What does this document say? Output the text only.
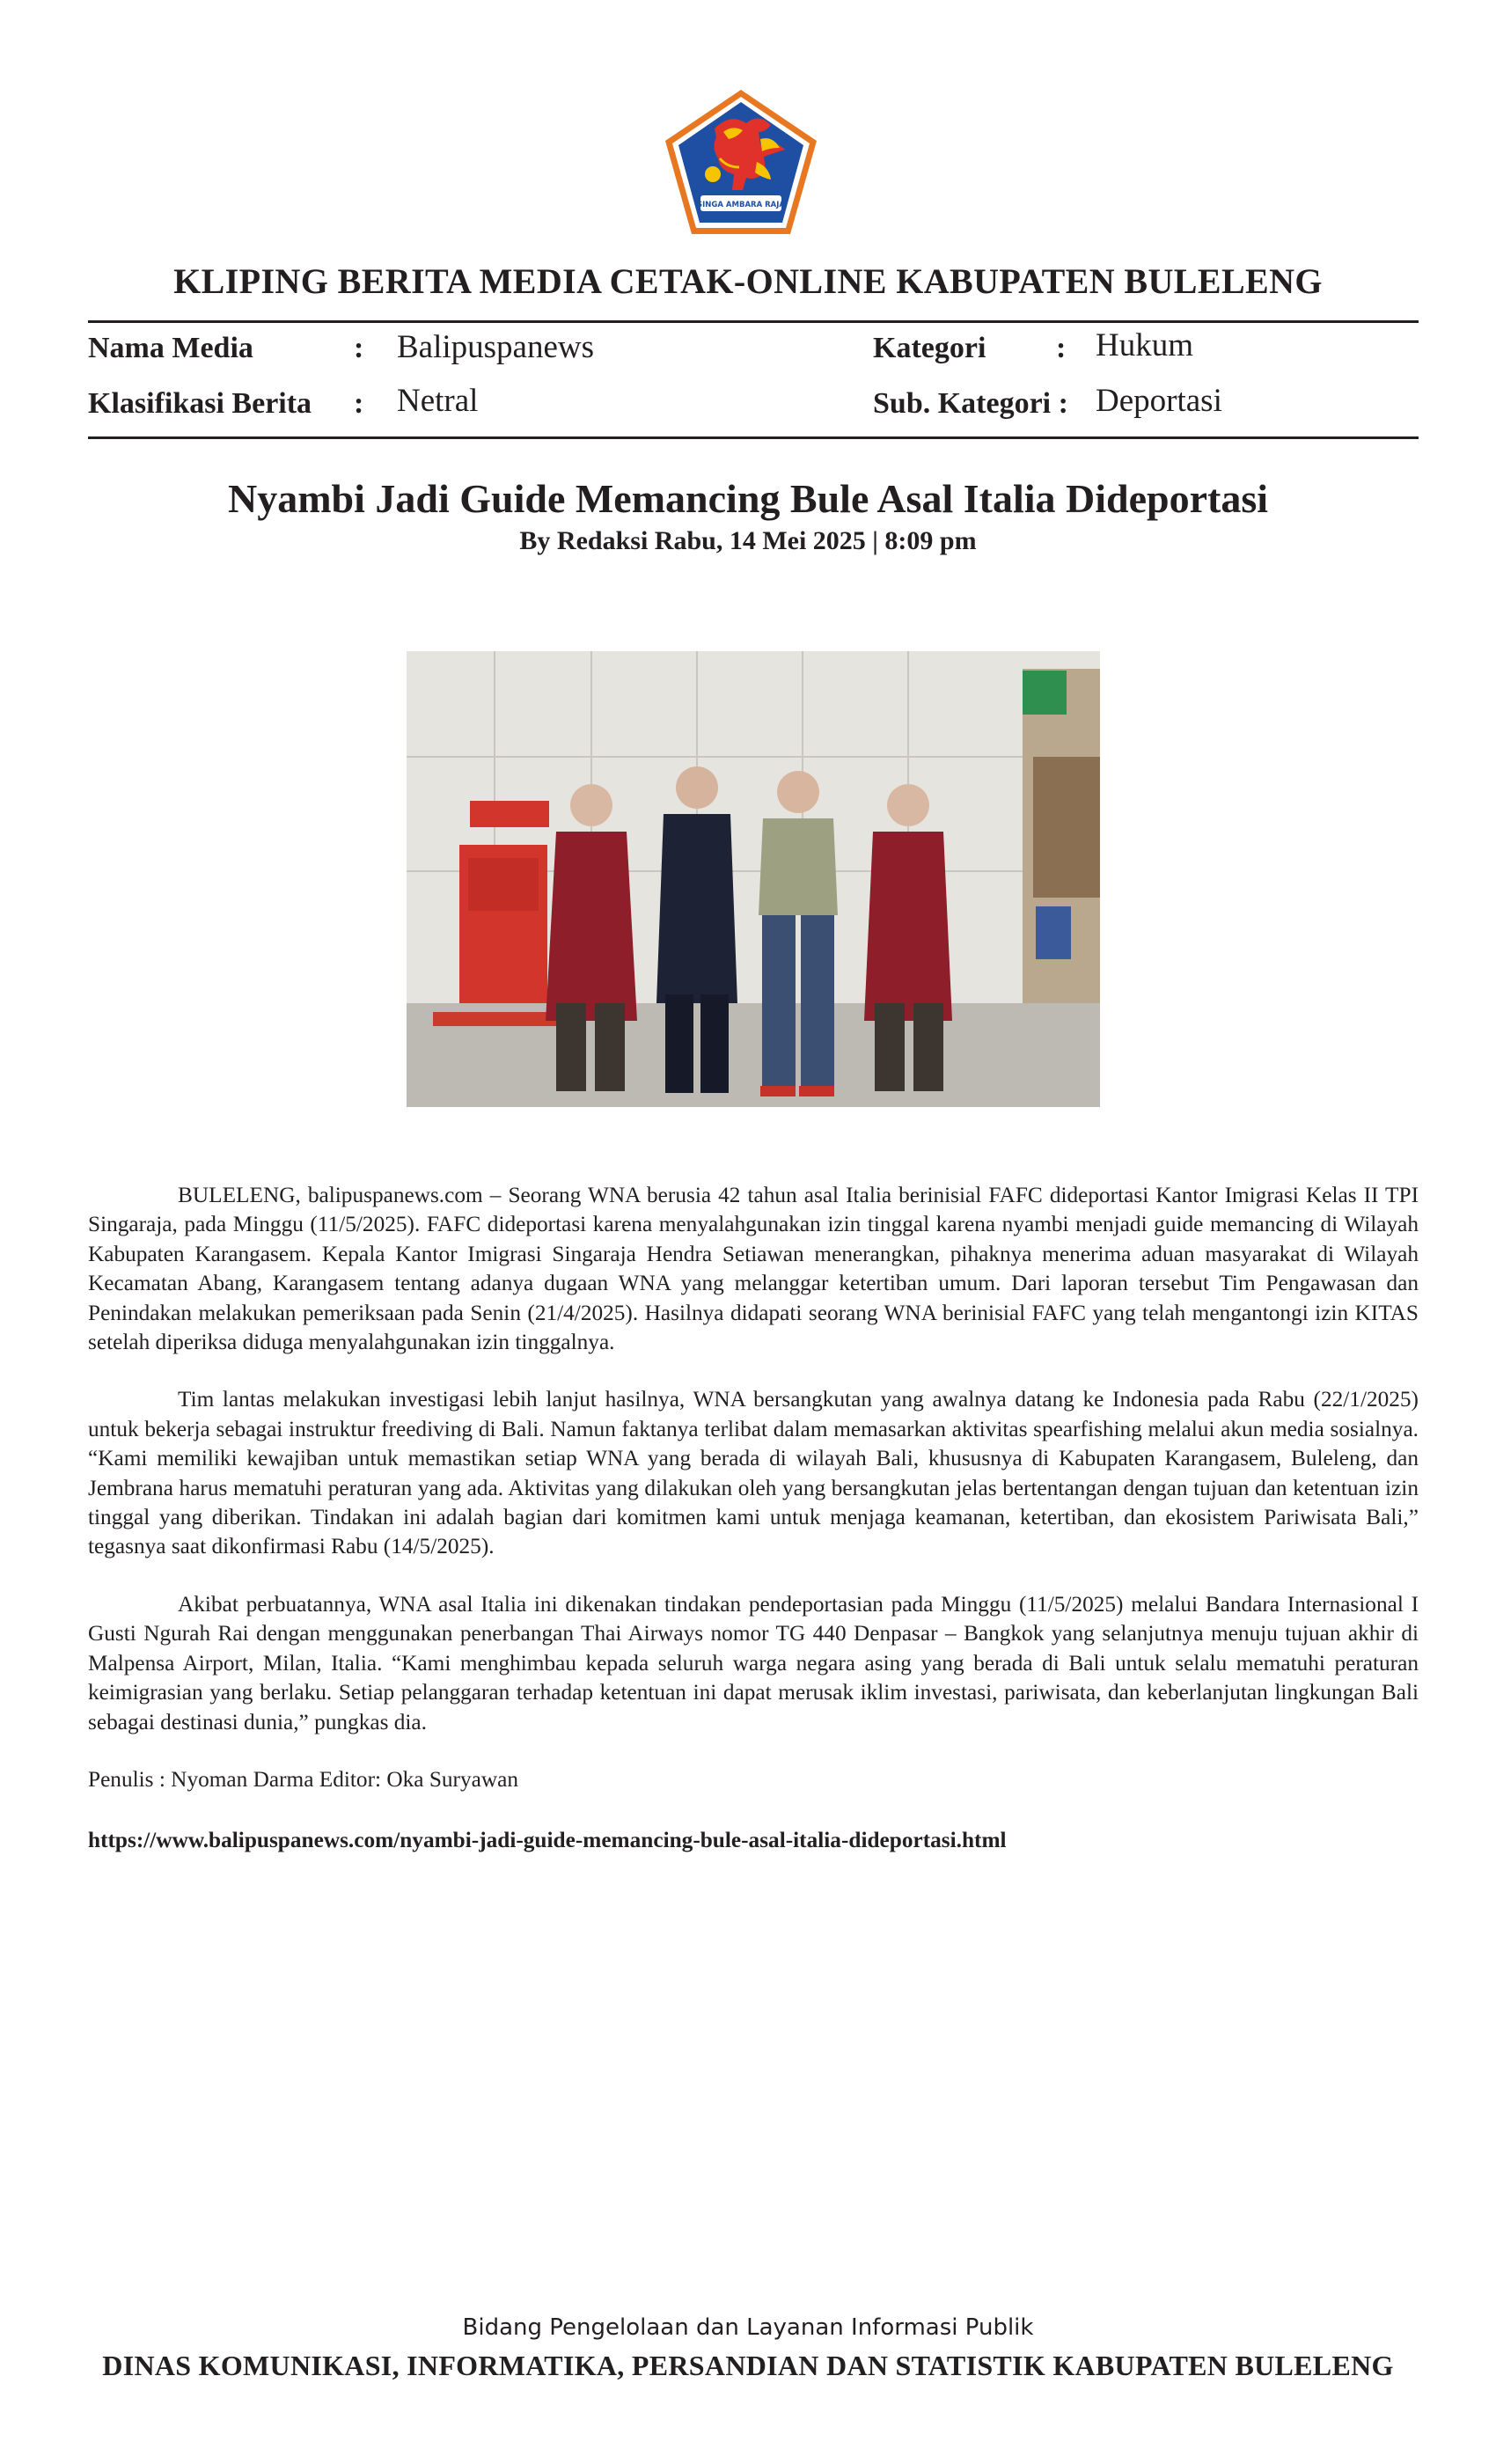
SINGA AMBARA RAJA
KLIPING BERITA MEDIA CETAK-ONLINE KABUPATEN BULELENG
Nama Media	: Balipuspanews	Kategori : Hukum
Klasifikasi Berita : Netral	Sub. Kategori : Deportasi
Nyambi Jadi Guide Memancing Bule Asal Italia Dideportasi
By Redaksi Rabu, 14 Mei 2025 | 8:09 pm

BULELENG, balipuspanews.com – Seorang WNA berusia 42 tahun asal Italia berinisial FAFC dideportasi Kantor Imigrasi Kelas II TPI Singaraja, pada Minggu (11/5/2025). FAFC dideportasi karena menyalahgunakan izin tinggal karena nyambi menjadi guide memancing di Wilayah Kabupaten Karangasem. Kepala Kantor Imigrasi Singaraja Hendra Setiawan menerangkan, pihaknya menerima aduan masyarakat di Wilayah Kecamatan Abang, Karangasem tentang adanya dugaan WNA yang melanggar ketertiban umum. Dari laporan tersebut Tim Pengawasan dan Penindakan melakukan pemeriksaan pada Senin (21/4/2025). Hasilnya didapati seorang WNA berinisial FAFC yang telah mengantongi izin KITAS setelah diperiksa diduga menyalahgunakan izin tinggalnya.

Tim lantas melakukan investigasi lebih lanjut hasilnya, WNA bersangkutan yang awalnya datang ke Indonesia pada Rabu (22/1/2025) untuk bekerja sebagai instruktur freediving di Bali. Namun faktanya terlibat dalam memasarkan aktivitas spearfishing melalui akun media sosialnya. “Kami memiliki kewajiban untuk memastikan setiap WNA yang berada di wilayah Bali, khususnya di Kabupaten Karangasem, Buleleng, dan Jembrana harus mematuhi peraturan yang ada. Aktivitas yang dilakukan oleh yang bersangkutan jelas bertentangan dengan tujuan dan ketentuan izin tinggal yang diberikan. Tindakan ini adalah bagian dari komitmen kami untuk menjaga keamanan, ketertiban, dan ekosistem Pariwisata Bali,” tegasnya saat dikonfirmasi Rabu (14/5/2025).

Akibat perbuatannya, WNA asal Italia ini dikenakan tindakan pendeportasian pada Minggu (11/5/2025) melalui Bandara Internasional I Gusti Ngurah Rai dengan menggunakan penerbangan Thai Airways nomor TG 440 Denpasar – Bangkok yang selanjutnya menuju tujuan akhir di Malpensa Airport, Milan, Italia. “Kami menghimbau kepada seluruh warga negara asing yang berada di Bali untuk selalu mematuhi peraturan keimigrasian yang berlaku. Setiap pelanggaran terhadap ketentuan ini dapat merusak iklim investasi, pariwisata, dan keberlanjutan lingkungan Bali sebagai destinasi dunia,” pungkas dia.

Penulis : Nyoman Darma Editor: Oka Suryawan

https://www.balipuspanews.com/nyambi-jadi-guide-memancing-bule-asal-italia-dideportasi.html

Bidang Pengelolaan dan Layanan Informasi Publik
DINAS KOMUNIKASI, INFORMATIKA, PERSANDIAN DAN STATISTIK KABUPATEN BULELENG
